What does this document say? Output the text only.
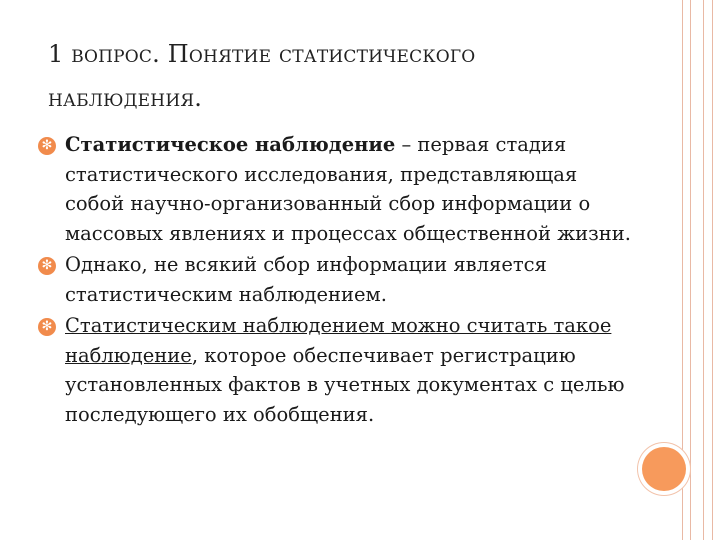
1 вопрос. Понятие статистического
наблюдения.
✻ Статистическое наблюдение – первая стадия статистического исследования, представляющая собой научно-организованный сбор информации о массовых явлениях и процессах общественной жизни.
✻ Однако, не всякий сбор информации является статистическим наблюдением.
✻ Статистическим наблюдением можно считать такое наблюдение, которое обеспечивает регистрацию установленных фактов в учетных документах с целью последующего их обобщения.
